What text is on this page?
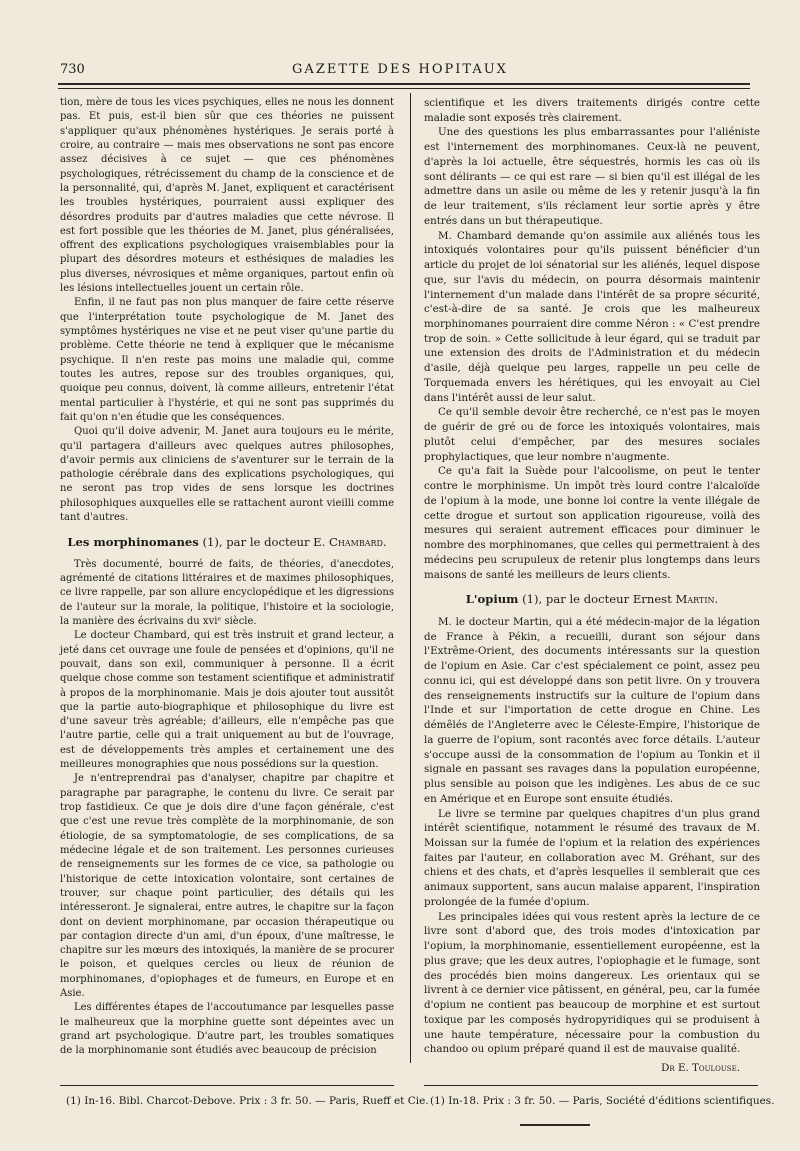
730	GAZETTE DES HOPITAUX

tion, mère de tous les vices psychiques, elles ne nous les donnent pas. Et puis, est-il bien sûr que ces théories ne puissent s'appliquer qu'aux phénomènes hystériques. Je serais porté à croire, au contraire — mais mes observations ne sont pas encore assez décisives à ce sujet — que ces phénomènes psychologiques, rétrécissement du champ de la conscience et de la personnalité, qui, d'après M. Janet, expliquent et caractérisent les troubles hystériques, pourraient aussi expliquer des désordres produits par d'autres maladies que cette névrose. Il est fort possible que les théories de M. Janet, plus généralisées, offrent des explications psychologiques vraisemblables pour la plupart des désordres moteurs et esthésiques de maladies les plus diverses, névrosiques et même organiques, partout enfin où les lésions intellectuelles jouent un certain rôle.

Enfin, il ne faut pas non plus manquer de faire cette réserve que l'interprétation toute psychologique de M. Janet des symptômes hystériques ne vise et ne peut viser qu'une partie du problème. Cette théorie ne tend à expliquer que le mécanisme psychique. Il n'en reste pas moins une maladie qui, comme toutes les autres, repose sur des troubles organiques, qui, quoique peu connus, doivent, là comme ailleurs, entretenir l'état mental particulier à l'hystérie, et qui ne sont pas supprimés du fait qu'on n'en étudie que les conséquences.

Quoi qu'il doive advenir, M. Janet aura toujours eu le mérite, qu'il partagera d'ailleurs avec quelques autres philosophes, d'avoir permis aux cliniciens de s'aventurer sur le terrain de la pathologie cérébrale dans des explications psychologiques, qui ne seront pas trop vides de sens lorsque les doctrines philosophiques auxquelles elle se rattachent auront vieilli comme tant d'autres.

Les morphinomanes (1), par le docteur E. Chambard.

Très documenté, bourré de faits, de théories, d'anecdotes, agrémenté de citations littéraires et de maximes philosophiques, ce livre rappelle, par son allure encyclopédique et les digressions de l'auteur sur la morale, la politique, l'histoire et la sociologie, la manière des écrivains du xviᵉ siècle.

Le docteur Chambard, qui est très instruit et grand lecteur, a jeté dans cet ouvrage une foule de pensées et d'opinions, qu'il ne pouvait, dans son exil, communiquer à personne. Il a écrit quelque chose comme son testament scientifique et administratif à propos de la morphinomanie. Mais je dois ajouter tout aussitôt que la partie auto-biographique et philosophique du livre est d'une saveur très agréable; d'ailleurs, elle n'empêche pas que l'autre partie, celle qui a trait uniquement au but de l'ouvrage, est de développements très amples et certainement une des meilleures monographies que nous possédions sur la question.

Je n'entreprendrai pas d'analyser, chapitre par chapitre et paragraphe par paragraphe, le contenu du livre. Ce serait par trop fastidieux. Ce que je dois dire d'une façon générale, c'est que c'est une revue très complète de la morphinomanie, de son étiologie, de sa symptomatologie, de ses complications, de sa médecine légale et de son traitement. Les personnes curieuses de renseignements sur les formes de ce vice, sa pathologie ou l'historique de cette intoxication volontaire, sont certaines de trouver, sur chaque point particulier, des détails qui les intéresseront. Je signalerai, entre autres, le chapitre sur la façon dont on devient morphinomane, par occasion thérapeutique ou par contagion directe d'un ami, d'un époux, d'une maîtresse, le chapitre sur les mœurs des intoxiqués, la manière de se procurer le poison, et quelques cercles ou lieux de réunion de morphinomanes, d'opiophages et de fumeurs, en Europe et en Asie.

Les différentes étapes de l'accoutumance par lesquelles passe le malheureux que la morphine guette sont dépeintes avec un grand art psychologique. D'autre part, les troubles somatiques de la morphinomanie sont étudiés avec beaucoup de précision

scientifique et les divers traitements dirigés contre cette maladie sont exposés très clairement.

Une des questions les plus embarrassantes pour l'aliéniste est l'internement des morphinomanes. Ceux-là ne peuvent, d'après la loi actuelle, être séquestrés, hormis les cas où ils sont délirants — ce qui est rare — si bien qu'il est illégal de les admettre dans un asile ou même de les y retenir jusqu'à la fin de leur traitement, s'ils réclament leur sortie après y être entrés dans un but thérapeutique.

M. Chambard demande qu'on assimile aux aliénés tous les intoxiqués volontaires pour qu'ils puissent bénéficier d'un article du projet de loi sénatorial sur les aliénés, lequel dispose que, sur l'avis du médecin, on pourra désormais maintenir l'internement d'un malade dans l'intérêt de sa propre sécurité, c'est-à-dire de sa santé. Je crois que les malheureux morphinomanes pourraient dire comme Néron : « C'est prendre trop de soin. » Cette sollicitude à leur égard, qui se traduit par une extension des droits de l'Administration et du médecin d'asile, déjà quelque peu larges, rappelle un peu celle de Torquemada envers les hérétiques, qui les envoyait au Ciel dans l'intérêt aussi de leur salut.

Ce qu'il semble devoir être recherché, ce n'est pas le moyen de guérir de gré ou de force les intoxiqués volontaires, mais plutôt celui d'empêcher, par des mesures sociales prophylactiques, que leur nombre n'augmente.

Ce qu'a fait la Suède pour l'alcoolisme, on peut le tenter contre le morphinisme. Un impôt très lourd contre l'alcaloïde de l'opium à la mode, une bonne loi contre la vente illégale de cette drogue et surtout son application rigoureuse, voilà des mesures qui seraient autrement efficaces pour diminuer le nombre des morphinomanes, que celles qui permettraient à des médecins peu scrupuleux de retenir plus longtemps dans leurs maisons de santé les meilleurs de leurs clients.

L'opium (1), par le docteur Ernest Martin.

M. le docteur Martin, qui a été médecin-major de la légation de France à Pékin, a recueilli, durant son séjour dans l'Extrême-Orient, des documents intéressants sur la question de l'opium en Asie. Car c'est spécialement ce point, assez peu connu ici, qui est développé dans son petit livre. On y trouvera des renseignements instructifs sur la culture de l'opium dans l'Inde et sur l'importation de cette drogue en Chine. Les démêlés de l'Angleterre avec le Céleste-Empire, l'historique de la guerre de l'opium, sont racontés avec force détails. L'auteur s'occupe aussi de la consommation de l'opium au Tonkin et il signale en passant ses ravages dans la population européenne, plus sensible au poison que les indigènes. Les abus de ce suc en Amérique et en Europe sont ensuite étudiés.

Le livre se termine par quelques chapitres d'un plus grand intérêt scientifique, notamment le résumé des travaux de M. Moissan sur la fumée de l'opium et la relation des expériences faites par l'auteur, en collaboration avec M. Gréhant, sur des chiens et des chats, et d'après lesquelles il semblerait que ces animaux supportent, sans aucun malaise apparent, l'inspiration prolongée de la fumée d'opium.

Les principales idées qui vous restent après la lecture de ce livre sont d'abord que, des trois modes d'intoxication par l'opium, la morphinomanie, essentiellement européenne, est la plus grave; que les deux autres, l'opiophagie et le fumage, sont des procédés bien moins dangereux. Les orientaux qui se livrent à ce dernier vice pâtissent, en général, peu, car la fumée d'opium ne contient pas beaucoup de morphine et est surtout toxique par les composés hydropyridiques qui se produisent à une haute température, nécessaire pour la combustion du chandoo ou opium préparé quand il est de mauvaise qualité.

Dr E. Toulouse.
(1) In-16. Bibl. Charcot-Debove. Prix : 3 fr. 50. — Paris, Rueff et Cie. (1) In-18. Prix : 3 fr. 50. — Paris, Société d'éditions scientifiques.
